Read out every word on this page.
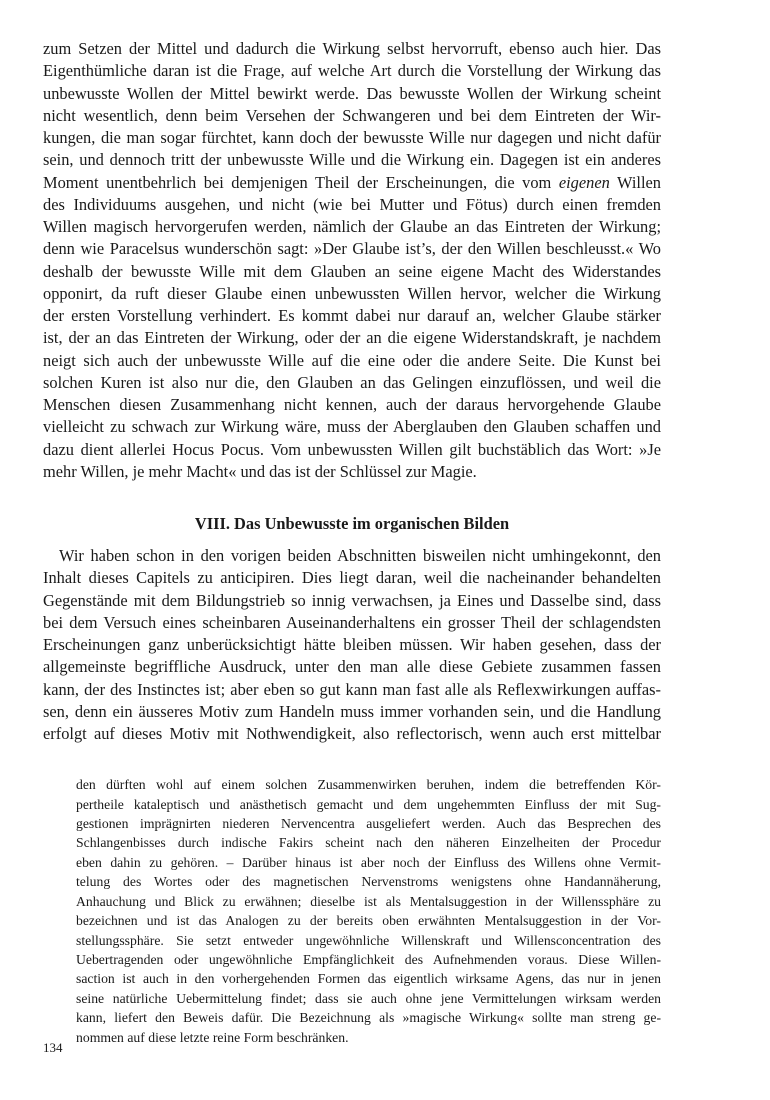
zum Setzen der Mittel und dadurch die Wirkung selbst hervorruft, ebenso auch hier. Das
Eigenthümliche daran ist die Frage, auf welche Art durch die Vorstellung der Wirkung das
unbewusste Wollen der Mittel bewirkt werde. Das bewusste Wollen der Wirkung scheint
nicht wesentlich, denn beim Versehen der Schwangeren und bei dem Eintreten der Wir-
kungen, die man sogar fürchtet, kann doch der bewusste Wille nur dagegen und nicht dafür
sein, und dennoch tritt der unbewusste Wille und die Wirkung ein. Dagegen ist ein anderes
Moment unentbehrlich bei demjenigen Theil der Erscheinungen, die vom eigenen Willen
des Individuums ausgehen, und nicht (wie bei Mutter und Fötus) durch einen fremden
Willen magisch hervorgerufen werden, nämlich der Glaube an das Eintreten der Wirkung;
denn wie Paracelsus wunderschön sagt: »Der Glaube ist’s, der den Willen beschleusst.« Wo
deshalb der bewusste Wille mit dem Glauben an seine eigene Macht des Widerstandes
opponirt, da ruft dieser Glaube einen unbewussten Willen hervor, welcher die Wirkung
der ersten Vorstellung verhindert. Es kommt dabei nur darauf an, welcher Glaube stärker
ist, der an das Eintreten der Wirkung, oder der an die eigene Widerstandskraft, je nachdem
neigt sich auch der unbewusste Wille auf die eine oder die andere Seite. Die Kunst bei
solchen Kuren ist also nur die, den Glauben an das Gelingen einzuflössen, und weil die
Menschen diesen Zusammenhang nicht kennen, auch der daraus hervorgehende Glaube
vielleicht zu schwach zur Wirkung wäre, muss der Aberglauben den Glauben schaffen und
dazu dient allerlei Hocus Pocus. Vom unbewussten Willen gilt buchstäblich das Wort: »Je
mehr Willen, je mehr Macht« und das ist der Schlüssel zur Magie.
VIII. Das Unbewusste im organischen Bilden
Wir haben schon in den vorigen beiden Abschnitten bisweilen nicht umhingekonnt, den
Inhalt dieses Capitels zu anticipiren. Dies liegt daran, weil die nacheinander behandelten
Gegenstände mit dem Bildungstrieb so innig verwachsen, ja Eines und Dasselbe sind, dass
bei dem Versuch eines scheinbaren Auseinanderhaltens ein grosser Theil der schlagendsten
Erscheinungen ganz unberücksichtigt hätte bleiben müssen. Wir haben gesehen, dass der
allgemeinste begriffliche Ausdruck, unter den man alle diese Gebiete zusammen fassen
kann, der des Instinctes ist; aber eben so gut kann man fast alle als Reflexwirkungen auffas-
sen, denn ein äusseres Motiv zum Handeln muss immer vorhanden sein, und die Handlung
erfolgt auf dieses Motiv mit Nothwendigkeit, also reflectorisch, wenn auch erst mittelbar
den dürften wohl auf einem solchen Zusammenwirken beruhen, indem die betreffenden Kör-
pertheile kataleptisch und anästhetisch gemacht und dem ungehemmten Einfluss der mit Sug-
gestionen imprägnirten niederen Nervencentra ausgeliefert werden. Auch das Besprechen des
Schlangenbisses durch indische Fakirs scheint nach den näheren Einzelheiten der Procedur
eben dahin zu gehören. – Darüber hinaus ist aber noch der Einfluss des Willens ohne Vermit-
telung des Wortes oder des magnetischen Nervenstroms wenigstens ohne Handannäherung,
Anhauchung und Blick zu erwähnen; dieselbe ist als Mentalsuggestion in der Willenssphäre zu
bezeichnen und ist das Analogen zu der bereits oben erwähnten Mentalsuggestion in der Vor-
stellungssphäre. Sie setzt entweder ungewöhnliche Willenskraft und Willensconcentration des
Uebertragenden oder ungewöhnliche Empfänglichkeit des Aufnehmenden voraus. Diese Willen-
saction ist auch in den vorhergehenden Formen das eigentlich wirksame Agens, das nur in jenen
seine natürliche Uebermittelung findet; dass sie auch ohne jene Vermittelungen wirksam werden
kann, liefert den Beweis dafür. Die Bezeichnung als »magische Wirkung« sollte man streng ge-
nommen auf diese letzte reine Form beschränken.
134
